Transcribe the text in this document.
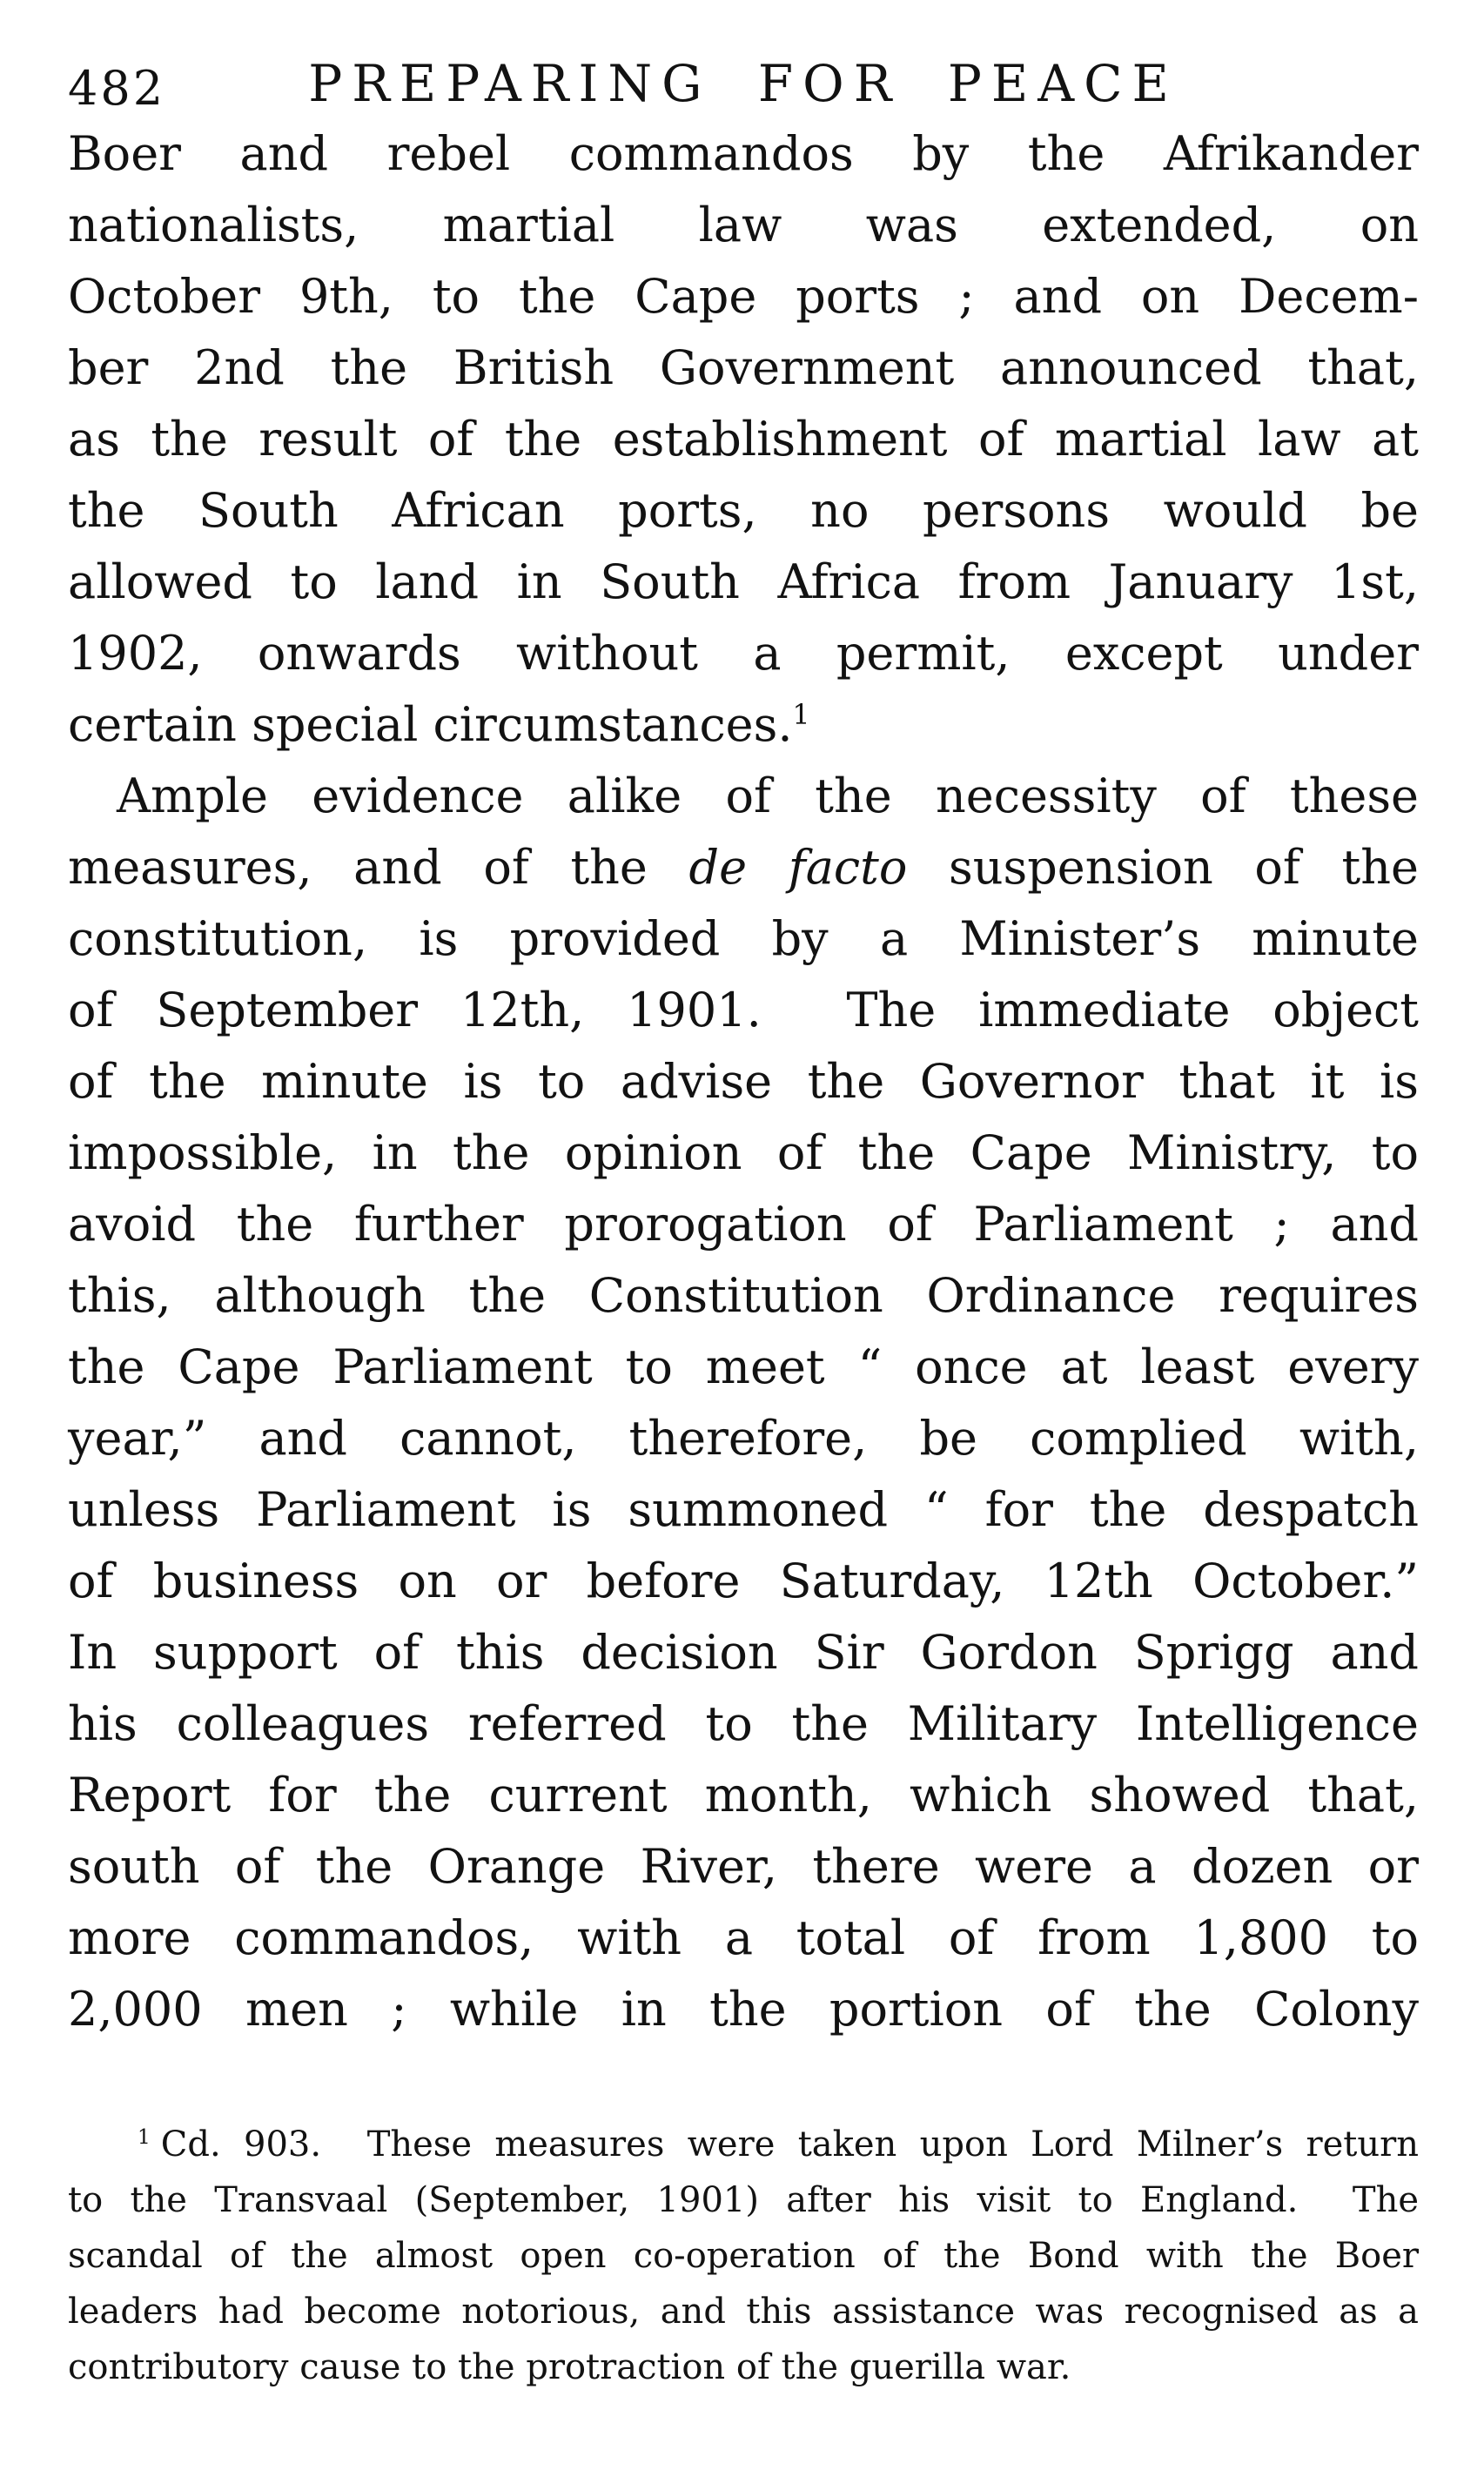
482	PREPARING FOR PEACE
Boer and rebel commandos by the Afrikander
nationalists, martial law was extended, on
October 9th, to the Cape ports ; and on Decem-
ber 2nd the British Government announced that,
as the result of the establishment of martial law at
the South African ports, no persons would be
allowed to land in South Africa from January 1st,
1902, onwards without a permit, except under
certain special circumstances.$^1$
Ample evidence alike of the necessity of these
measures, and of the de facto suspension of the
constitution, is provided by a Minister’s minute
of September 12th, 1901.  The immediate object
of the minute is to advise the Governor that it is
impossible, in the opinion of the Cape Ministry, to
avoid the further prorogation of Parliament ; and
this, although the Constitution Ordinance requires
the Cape Parliament to meet “ once at least every
year,” and cannot, therefore, be complied with,
unless Parliament is summoned “ for the despatch
of business on or before Saturday, 12th October.”
In support of this decision Sir Gordon Sprigg and
his colleagues referred to the Military Intelligence
Report for the current month, which showed that,
south of the Orange River, there were a dozen or
more commandos, with a total of from 1,800 to
2,000 men ; while in the portion of the Colony
$^1$ Cd. 903.  These measures were taken upon Lord Milner’s return
to the Transvaal (September, 1901) after his visit to England.  The
scandal of the almost open co-operation of the Bond with the Boer
leaders had become notorious, and this assistance was recognised as a
contributory cause to the protraction of the guerilla war.
